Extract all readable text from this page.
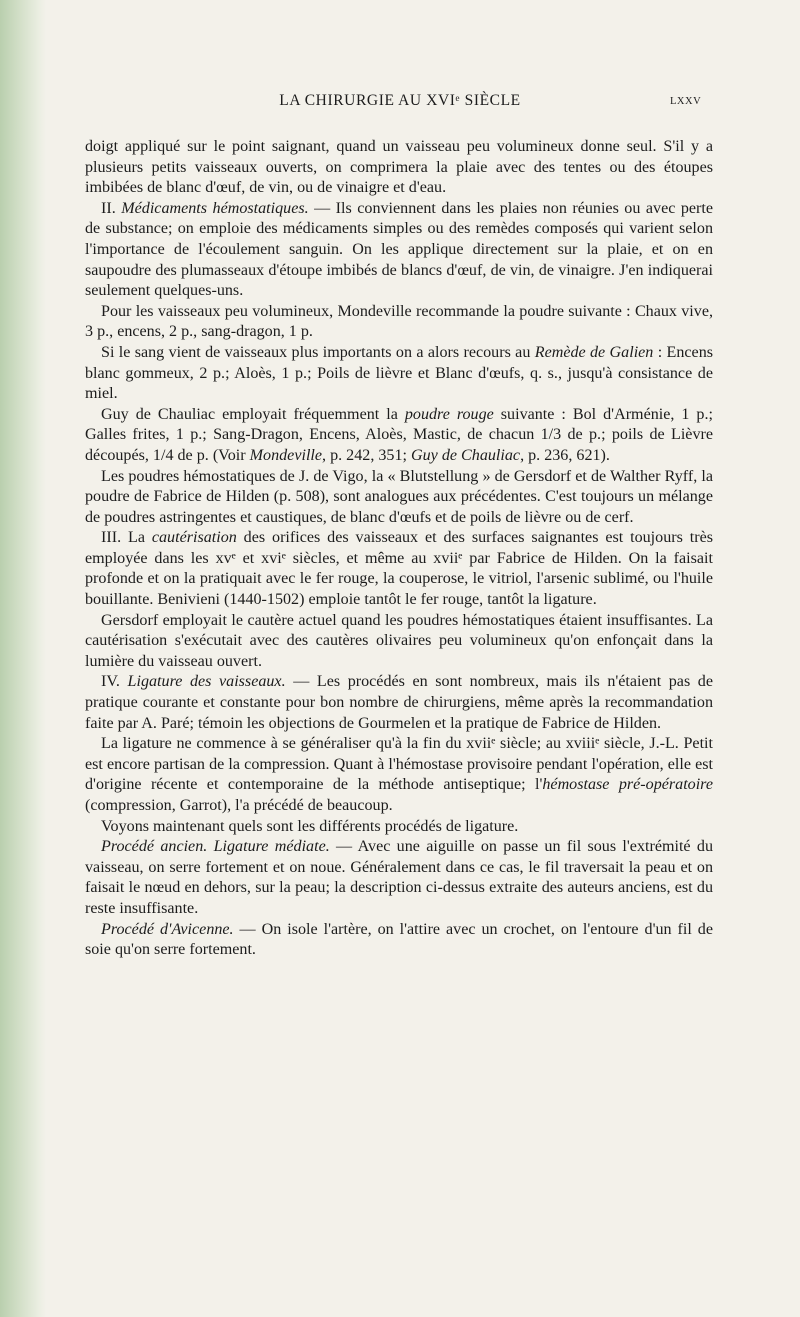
LA CHIRURGIE AU XVIᵉ SIÈCLE	LXXV

doigt appliqué sur le point saignant, quand un vaisseau peu volumineux donne seul. S'il y a plusieurs petits vaisseaux ouverts, on comprimera la plaie avec des tentes ou des étoupes imbibées de blanc d'œuf, de vin, ou de vinaigre et d'eau.

II. Médicaments hémostatiques. — Ils conviennent dans les plaies non réunies ou avec perte de substance; on emploie des médicaments simples ou des remèdes composés qui varient selon l'importance de l'écoulement sanguin. On les applique directement sur la plaie, et on en saupoudre des plumasseaux d'étoupe imbibés de blancs d'œuf, de vin, de vinaigre. J'en indiquerai seulement quelques-uns.

Pour les vaisseaux peu volumineux, Mondeville recommande la poudre suivante : Chaux vive, 3 p., encens, 2 p., sang-dragon, 1 p.

Si le sang vient de vaisseaux plus importants on a alors recours au Remède de Galien : Encens blanc gommeux, 2 p.; Aloès, 1 p.; Poils de lièvre et Blanc d'œufs, q. s., jusqu'à consistance de miel.

Guy de Chauliac employait fréquemment la poudre rouge suivante : Bol d'Arménie, 1 p.; Galles frites, 1 p.; Sang-Dragon, Encens, Aloès, Mastic, de chacun 1/3 de p.; poils de Lièvre découpés, 1/4 de p. (Voir Mondeville, p. 242, 351; Guy de Chauliac, p. 236, 621).

Les poudres hémostatiques de J. de Vigo, la « Blutstellung » de Gersdorf et de Walther Ryff, la poudre de Fabrice de Hilden (p. 508), sont analogues aux précédentes. C'est toujours un mélange de poudres astringentes et caustiques, de blanc d'œufs et de poils de lièvre ou de cerf.

III. La cautérisation des orifices des vaisseaux et des surfaces saignantes est toujours très employée dans les xvᵉ et xviᵉ siècles, et même au xviiᵉ par Fabrice de Hilden. On la faisait profonde et on la pratiquait avec le fer rouge, la couperose, le vitriol, l'arsenic sublimé, ou l'huile bouillante. Benivieni (1440-1502) emploie tantôt le fer rouge, tantôt la ligature.

Gersdorf employait le cautère actuel quand les poudres hémostatiques étaient insuffisantes. La cautérisation s'exécutait avec des cautères olivaires peu volumineux qu'on enfonçait dans la lumière du vaisseau ouvert.

IV. Ligature des vaisseaux. — Les procédés en sont nombreux, mais ils n'étaient pas de pratique courante et constante pour bon nombre de chirurgiens, même après la recommandation faite par A. Paré; témoin les objections de Gourmelen et la pratique de Fabrice de Hilden.

La ligature ne commence à se généraliser qu'à la fin du xviiᵉ siècle; au xviiiᵉ siècle, J.-L. Petit est encore partisan de la compression. Quant à l'hémostase provisoire pendant l'opération, elle est d'origine récente et contemporaine de la méthode antiseptique; l'hémostase pré-opératoire (compression, Garrot), l'a précédé de beaucoup.

Voyons maintenant quels sont les différents procédés de ligature.

Procédé ancien. Ligature médiate. — Avec une aiguille on passe un fil sous l'extrémité du vaisseau, on serre fortement et on noue. Généralement dans ce cas, le fil traversait la peau et on faisait le nœud en dehors, sur la peau; la description ci-dessus extraite des auteurs anciens, est du reste insuffisante.

Procédé d'Avicenne. — On isole l'artère, on l'attire avec un crochet, on l'entoure d'un fil de soie qu'on serre fortement.
